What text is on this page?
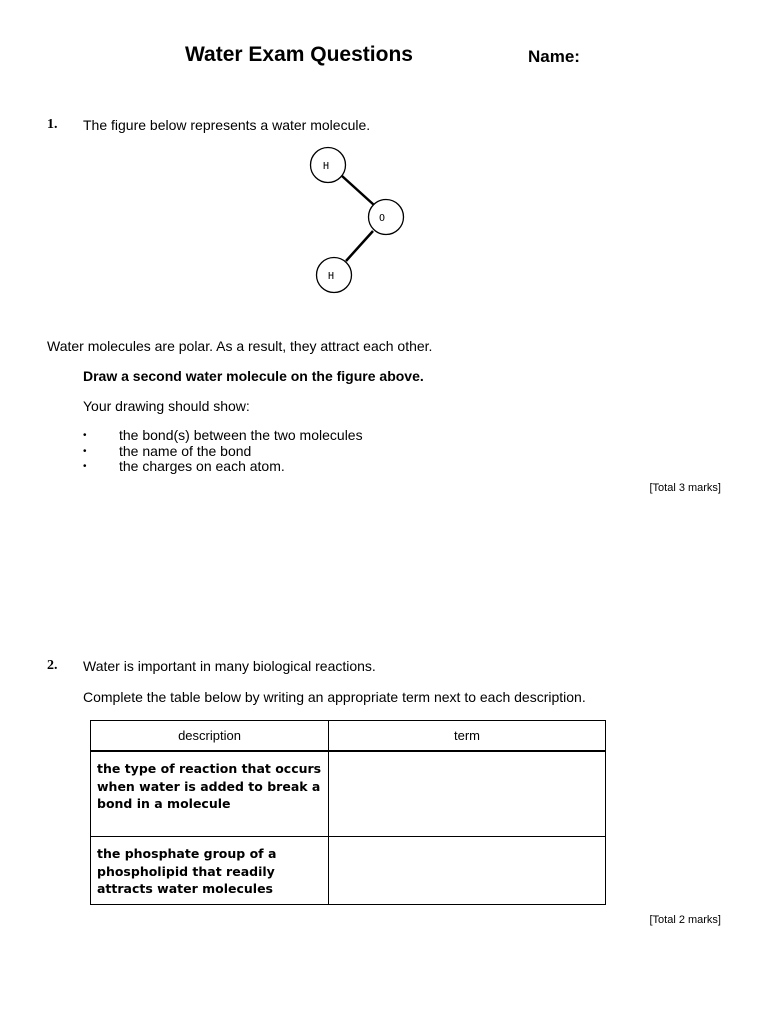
Water Exam Questions	Name:
1. The figure below represents a water molecule.
H
O
H
Water molecules are polar. As a result, they attract each other.
Draw a second water molecule on the figure above.
Your drawing should show:
•	the bond(s) between the two molecules
•	the name of the bond
•	the charges on each atom.
[Total 3 marks]
2. Water is important in many biological reactions.
Complete the table below by writing an appropriate term next to each description.
description	term
the type of reaction that occurs when water is added to break a bond in a molecule	
the phosphate group of a phospholipid that readily attracts water molecules	
[Total 2 marks]
